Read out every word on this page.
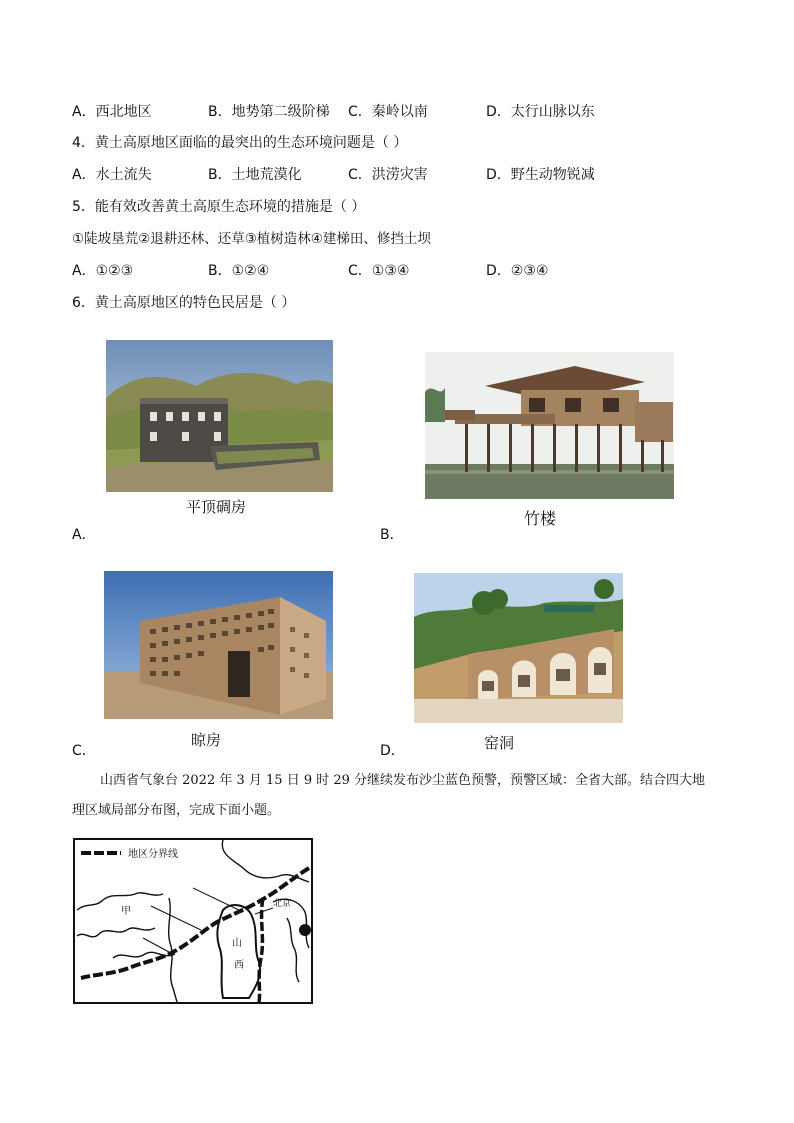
A．西北地区	B．地势第二级阶梯 C．秦岭以南	D．太行山脉以东
4．黄土高原地区面临的最突出的生态环境问题是（ ）
A．水土流失	B．土地荒漠化	C．洪涝灾害	D．野生动物锐减
5．能有效改善黄土高原生态环境的措施是（ ）
①陡坡垦荒②退耕还林、还草③植树造林④建梯田、修挡土坝
A．①②③	B．①②④	C．①③④	D．②③④
6．黄土高原地区的特色民居是（ ）
平顶碉房
A．
竹楼
B．
晾房
C．	窑洞
D．
山西省气象台 2022 年 3 月 15 日 9 时 29 分继续发布沙尘蓝色预警，预警区域：全省大部。结合四大地
理区域局部分布图，完成下面小题。
地区分界线
甲
北京
山
西
